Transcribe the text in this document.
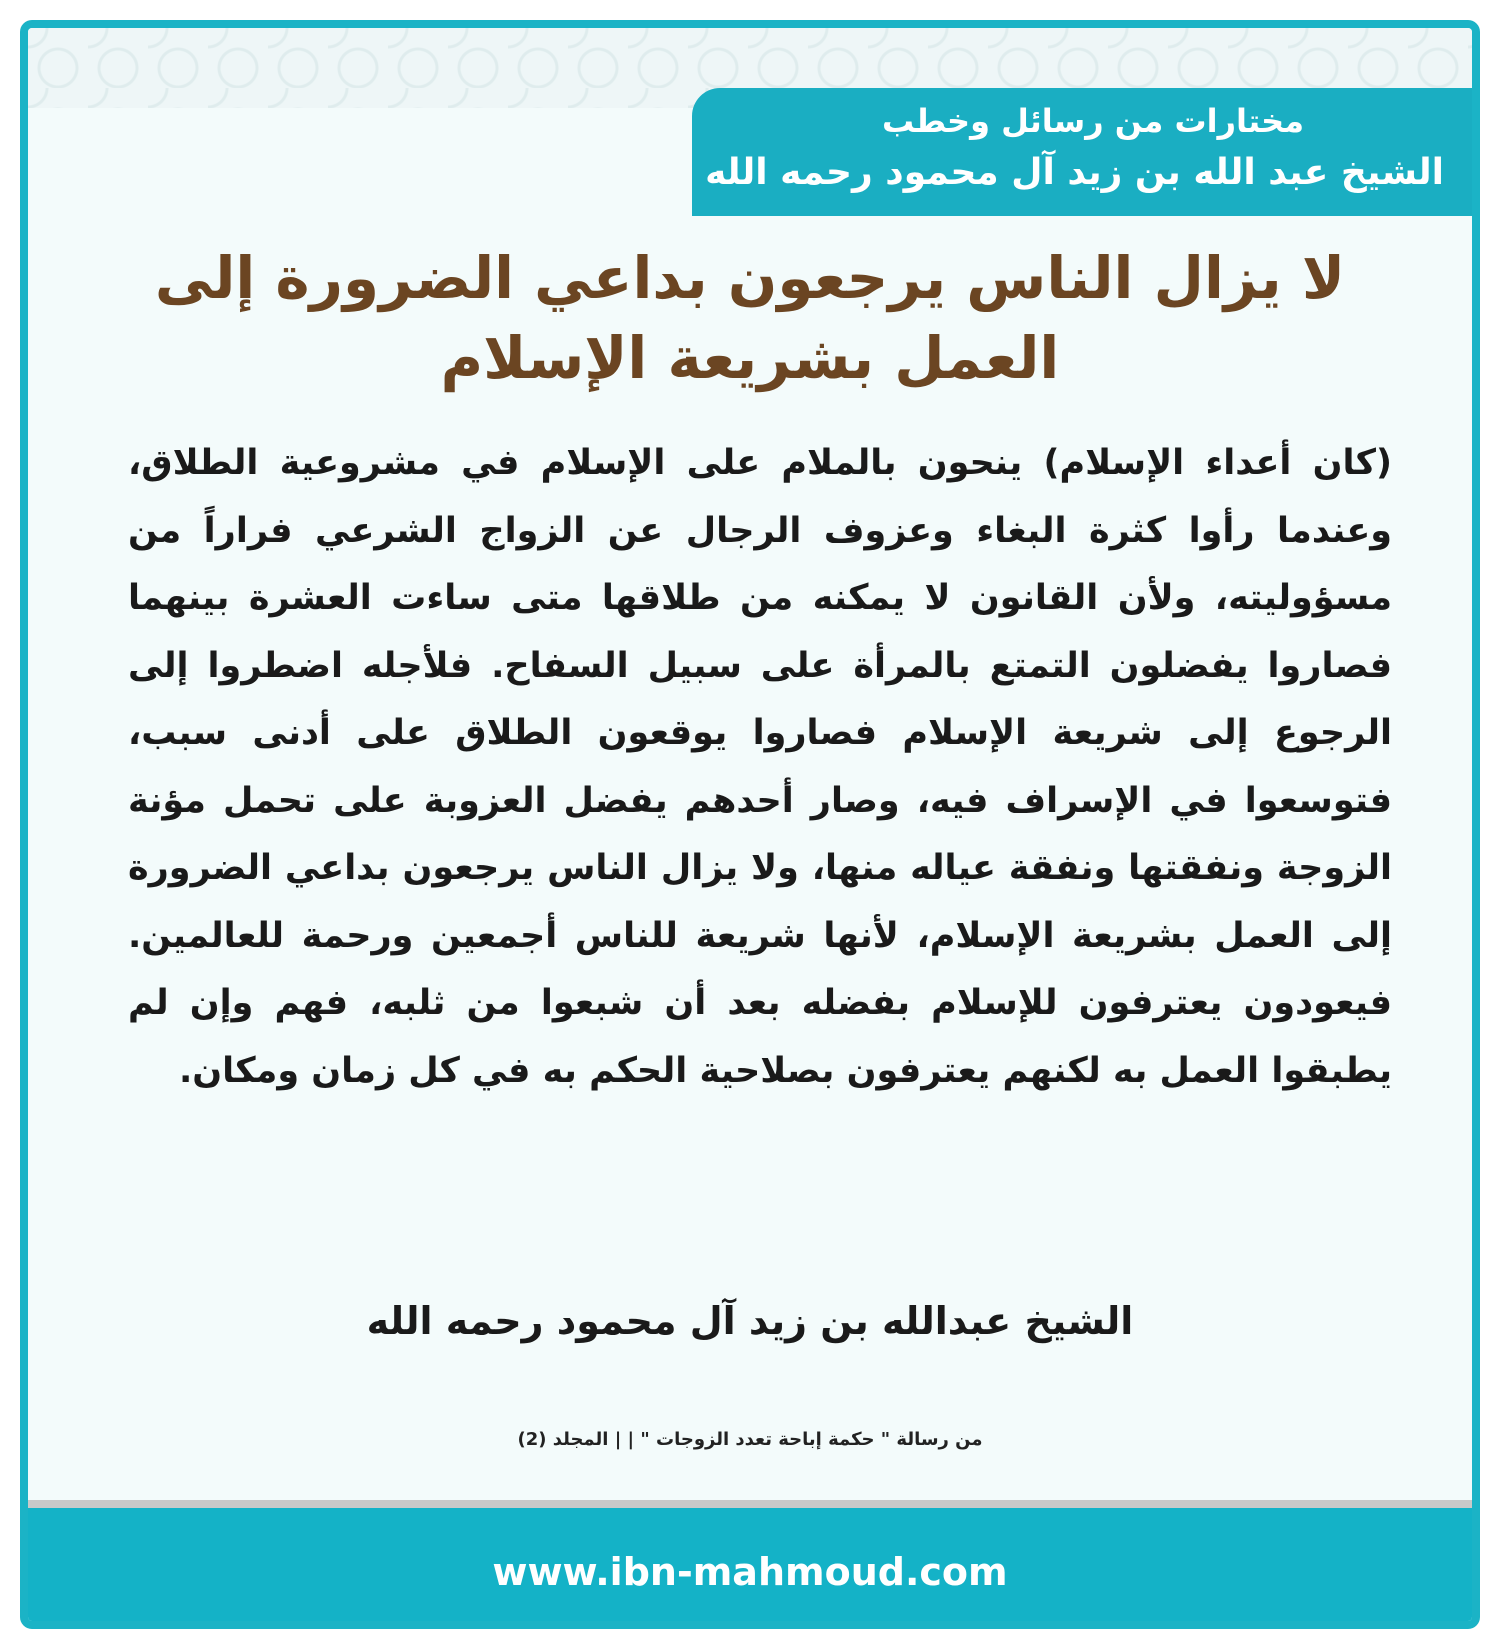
مختارات من رسائل وخطب
الشيخ عبد الله بن زيد آل محمود رحمه الله
لا يزال الناس يرجعون بداعي الضرورة إلى العمل بشريعة الإسلام
(كان أعداء الإسلام) ينحون بالملام على الإسلام في مشروعية الطلاق، وعندما رأوا كثرة البغاء وعزوف الرجال عن الزواج الشرعي فراراً من مسؤوليته، ولأن القانون لا يمكنه من طلاقها متى ساءت العشرة بينهما فصاروا يفضلون التمتع بالمرأة على سبيل السفاح. فلأجله اضطروا إلى الرجوع إلى شريعة الإسلام فصاروا يوقعون الطلاق على أدنى سبب، فتوسعوا في الإسراف فيه، وصار أحدهم يفضل العزوبة على تحمل مؤنة الزوجة ونفقتها ونفقة عياله منها، ولا يزال الناس يرجعون بداعي الضرورة إلى العمل بشريعة الإسلام، لأنها شريعة للناس أجمعين ورحمة للعالمين. فيعودون يعترفون للإسلام بفضله بعد أن شبعوا من ثلبه، فهم وإن لم يطبقوا العمل به لكنهم يعترفون بصلاحية الحكم به في كل زمان ومكان.
الشيخ عبدالله بن زيد آل محمود رحمه الله
من رسالة " حكمة إباحة تعدد الزوجات " | | المجلد (2)
www.ibn-mahmoud.com
